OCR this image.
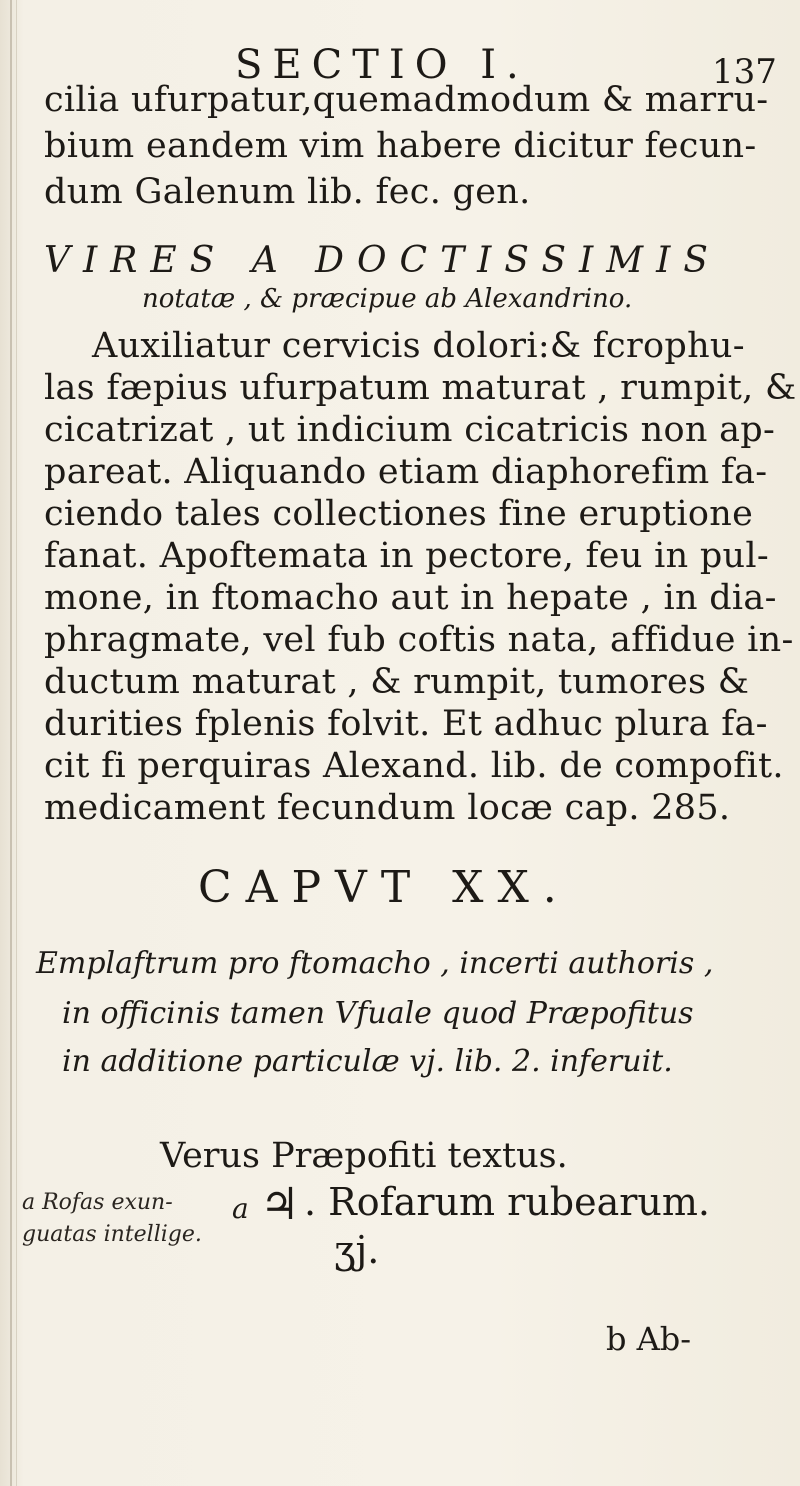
SECTIO I.	137
cilia ufurpatur,quemadmodum & marru-
bium eandem vim habere dicitur fecun-
dum Galenum lib. fec. gen.
VIRES A DOCTISSIMIS
notatæ , & præcipue ab Alexandrino.
Auxiliatur cervicis dolori:& fcrophu-
las fæpius ufurpatum maturat , rumpit, &
cicatrizat , ut indicium cicatricis non ap-
pareat. Aliquando etiam diaphorefim fa-
ciendo tales collectiones fine eruptione
fanat. Apoftemata in pectore, feu in pul-
mone, in ftomacho aut in hepate , in dia-
phragmate, vel fub coftis nata, affidue in-
ductum maturat , & rumpit, tumores &
durities fplenis folvit. Et adhuc plura fa-
cit fi perquiras Alexand. lib. de compofit.
medicament fecundum locæ cap. 285.
CAPVT XX.
Emplaftrum pro ftomacho , incerti authoris ,
in officinis tamen Vfuale quod Præpofitus
in additione particulæ vj. lib. 2. inferuit.
Verus Præpofiti textus.
a Rofas exun-
guatas intellige.
a ♃ . Rofarum rubearum.
ʒj.
b Ab-
